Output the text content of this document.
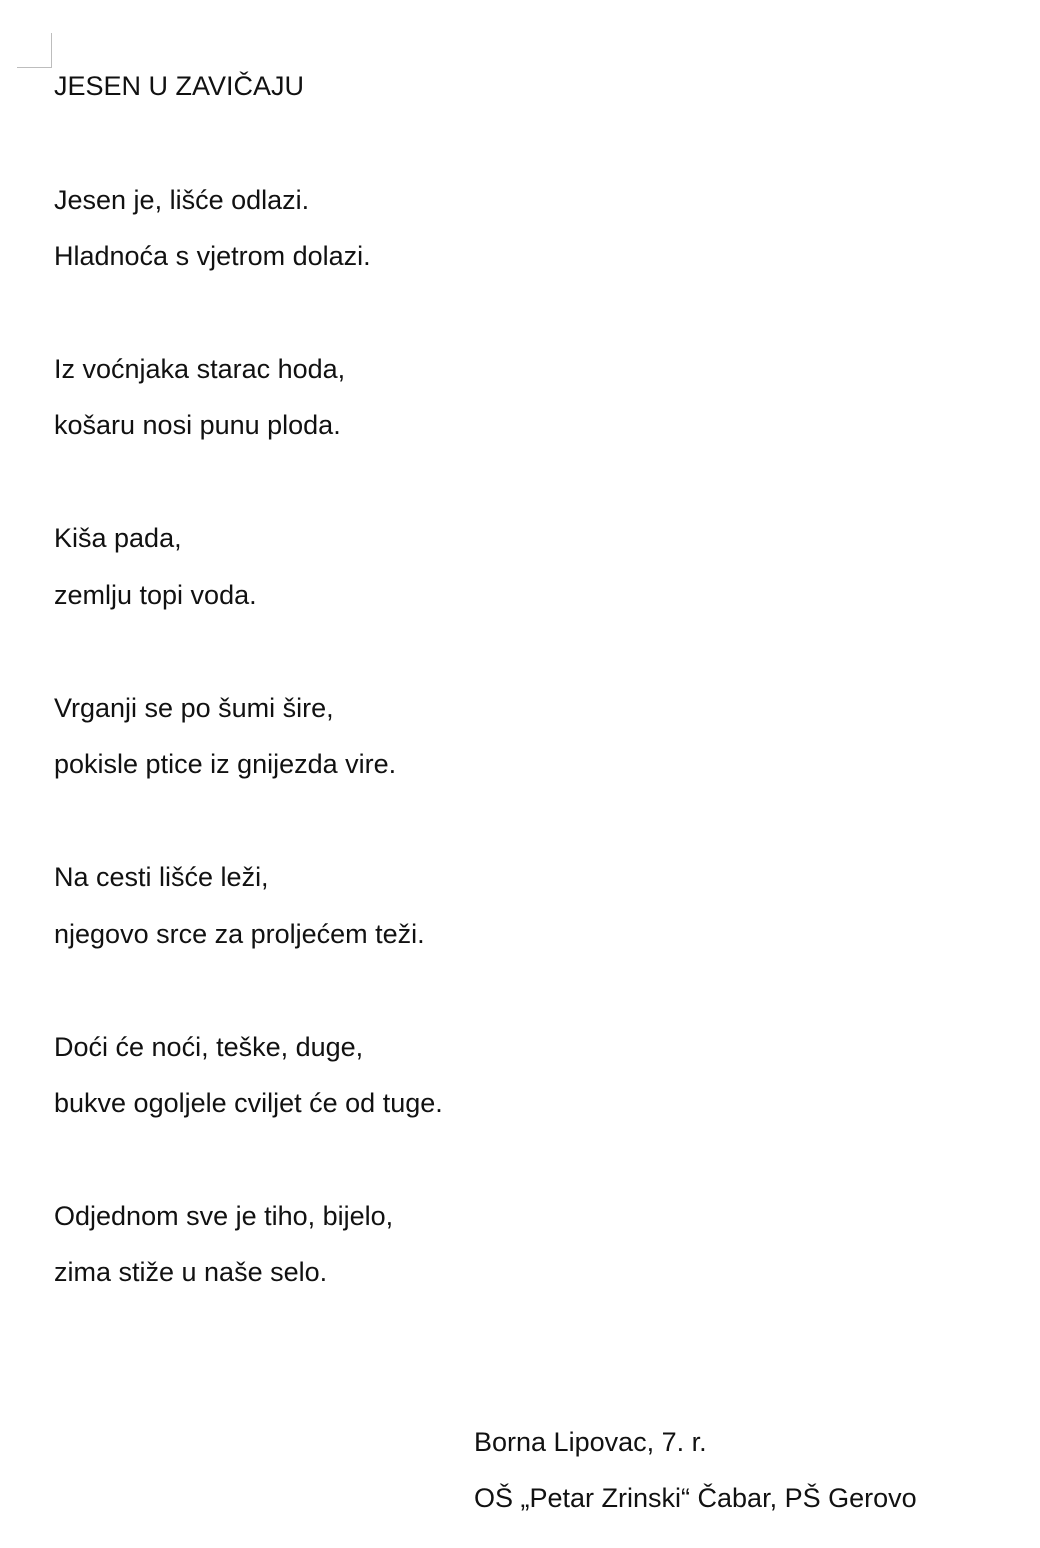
JESEN U ZAVIČAJU
Jesen je, lišće odlazi.
Hladnoća s vjetrom dolazi.
Iz voćnjaka starac hoda,
košaru nosi punu ploda.
Kiša pada,
zemlju topi voda.
Vrganji se po šumi šire,
pokisle ptice iz gnijezda vire.
Na cesti lišće leži,
njegovo srce za proljećem teži.
Doći će noći, teške, duge,
bukve ogoljele cviljet će od tuge.
Odjednom sve je tiho, bijelo,
zima stiže u naše selo.
Borna Lipovac, 7. r.
OŠ „Petar Zrinski“ Čabar, PŠ Gerovo
